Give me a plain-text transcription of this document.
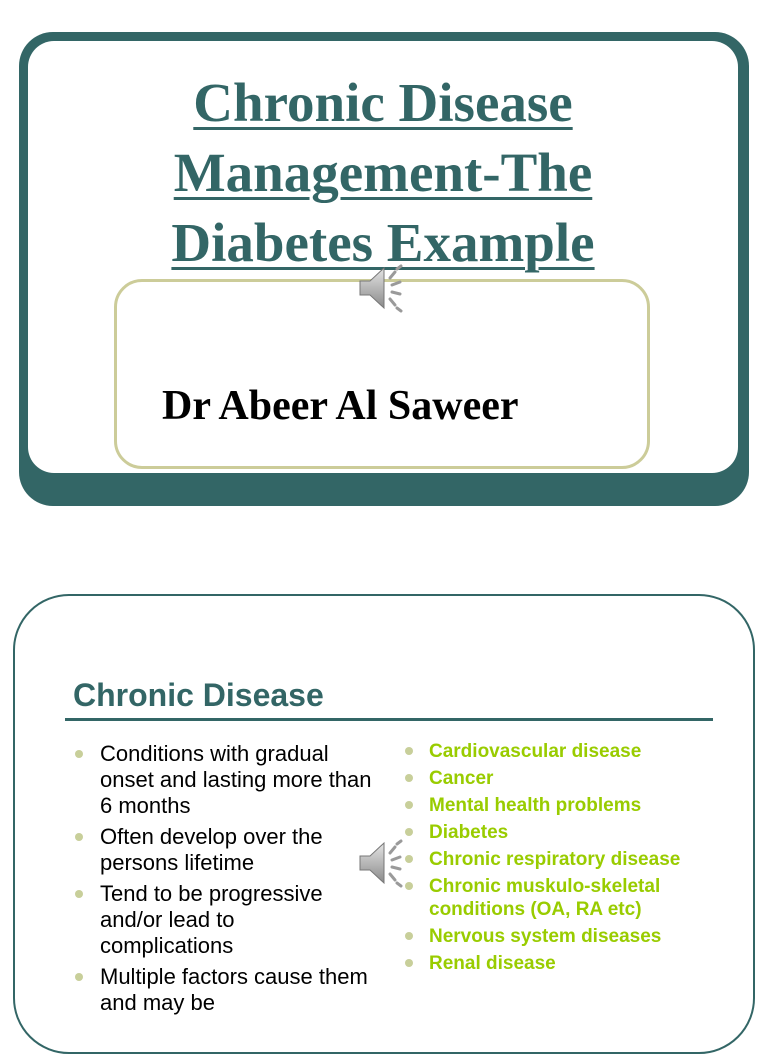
Chronic Disease
Management-The
Diabetes Example

Dr Abeer Al Saweer

Chronic Disease
Conditions with gradual onset and lasting more than 6 months
Often develop over the persons lifetime
Tend to be progressive and/or lead to complications
Multiple factors cause them and may be
Cardiovascular disease
Cancer
Mental health problems
Diabetes
Chronic respiratory disease
Chronic muskulo-skeletal conditions (OA, RA etc)
Nervous system diseases
Renal disease
